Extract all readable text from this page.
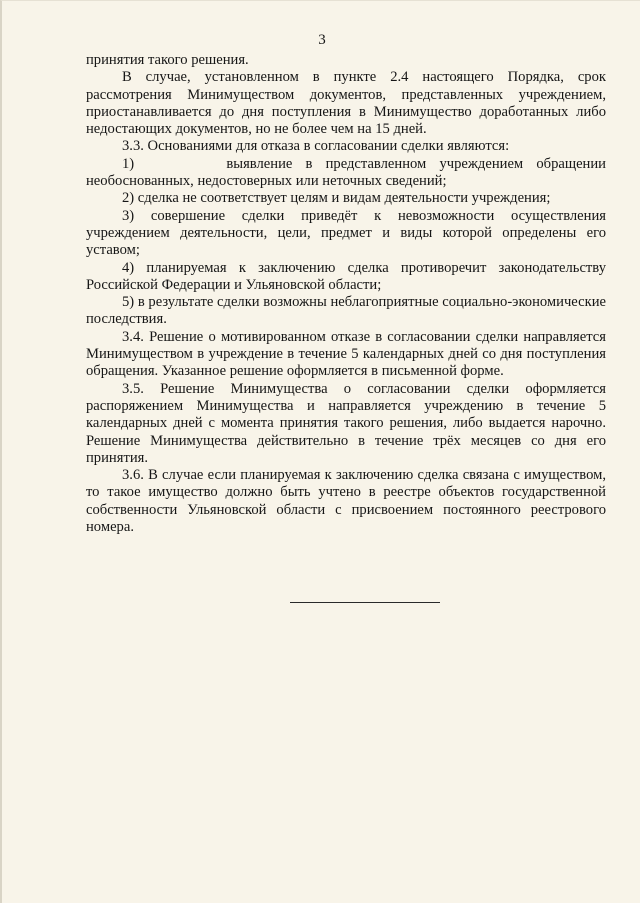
3

принятия такого решения.

В случае, установленном в пункте 2.4 настоящего Порядка, срок рассмотрения Минимуществом документов, представленных учреждением, приостанавливается до дня поступления в Минимущество доработанных либо недостающих документов, но не более чем на 15 дней.

3.3. Основаниями для отказа в согласовании сделки являются:

1)       выявление в представленном учреждением обращении необоснованных, недостоверных или неточных сведений;

2) сделка не соответствует целям и видам деятельности учреждения;

3) совершение сделки приведёт к невозможности осуществления учреждением деятельности, цели, предмет и виды которой определены его уставом;

4) планируемая к заключению сделка противоречит законодательству Российской Федерации и Ульяновской области;

5) в результате сделки возможны неблагоприятные социально-экономические последствия.

3.4. Решение о мотивированном отказе в согласовании сделки направляется Минимуществом в учреждение в течение 5 календарных дней со дня поступления обращения. Указанное решение оформляется в письменной форме.

3.5. Решение Минимущества о согласовании сделки оформляется распоряжением Минимущества и направляется учреждению в течение 5 календарных дней с момента принятия такого решения, либо выдается нарочно. Решение Минимущества действительно в течение трёх месяцев со дня его принятия.

3.6. В случае если планируемая к заключению сделка связана с имуществом, то такое имущество должно быть учтено в реестре объектов государственной собственности Ульяновской области с присвоением постоянного реестрового номера.
